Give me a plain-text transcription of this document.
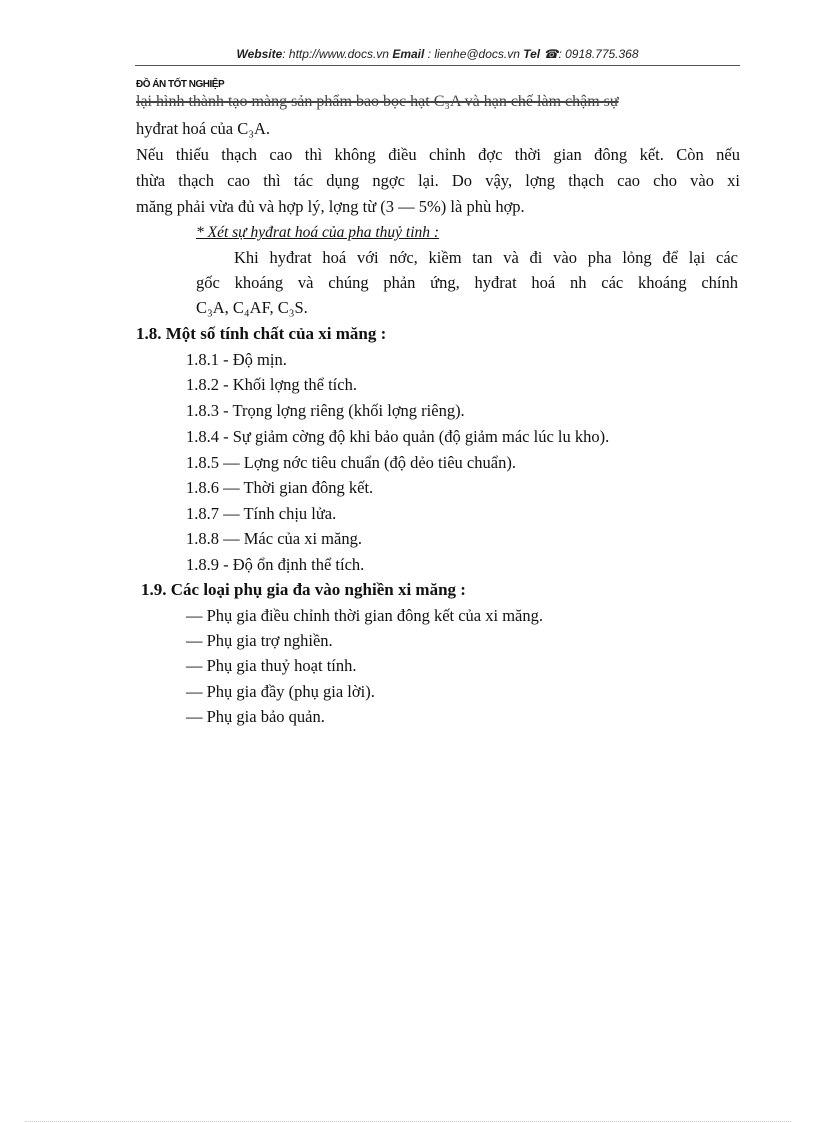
Website: http://www.docs.vn Email : lienhe@docs.vn Tel ☎: 0918.775.368
ĐỒ ÁN TỐT NGHIỆP
lại hình thành tạo màng sản phẩm bao bọc hạt C₃A và hạn chế làm chậm sự
hyđrat hoá của C₃A.
Nếu thiếu thạch cao thì không điều chỉnh đợc thời gian đông kết. Còn nếu
thừa thạch cao thì tác dụng ngợc lại. Do vậy, lợng thạch cao cho vào xi
măng phải vừa đủ và hợp lý, lợng từ (3 — 5%) là phù hợp.
* Xét sự hyđrat hoá của pha thuỷ tinh :
Khi hyđrat hoá với nớc, kiềm tan và đi vào pha lỏng để lại các
gốc khoáng và chúng phản ứng, hyđrat hoá nh các khoáng chính
C₃A, C₄AF, C₃S.
1.8. Một số tính chất của xi măng :
1.8.1 - Độ mịn.
1.8.2 - Khối lợng thể tích.
1.8.3 - Trọng lợng riêng (khối lợng riêng).
1.8.4 - Sự giảm cờng độ khi bảo quản (độ giảm mác lúc lu kho).
1.8.5 — Lợng nớc tiêu chuẩn (độ dẻo tiêu chuẩn).
1.8.6 — Thời gian đông kết.
1.8.7 — Tính chịu lửa.
1.8.8 — Mác của xi măng.
1.8.9 - Độ ổn định thể tích.
1.9. Các loại phụ gia đa vào nghiền xi măng :
— Phụ gia điều chỉnh thời gian đông kết của xi măng.
— Phụ gia trợ nghiền.
— Phụ gia thuỷ hoạt tính.
— Phụ gia đầy (phụ gia lời).
— Phụ gia bảo quản.
